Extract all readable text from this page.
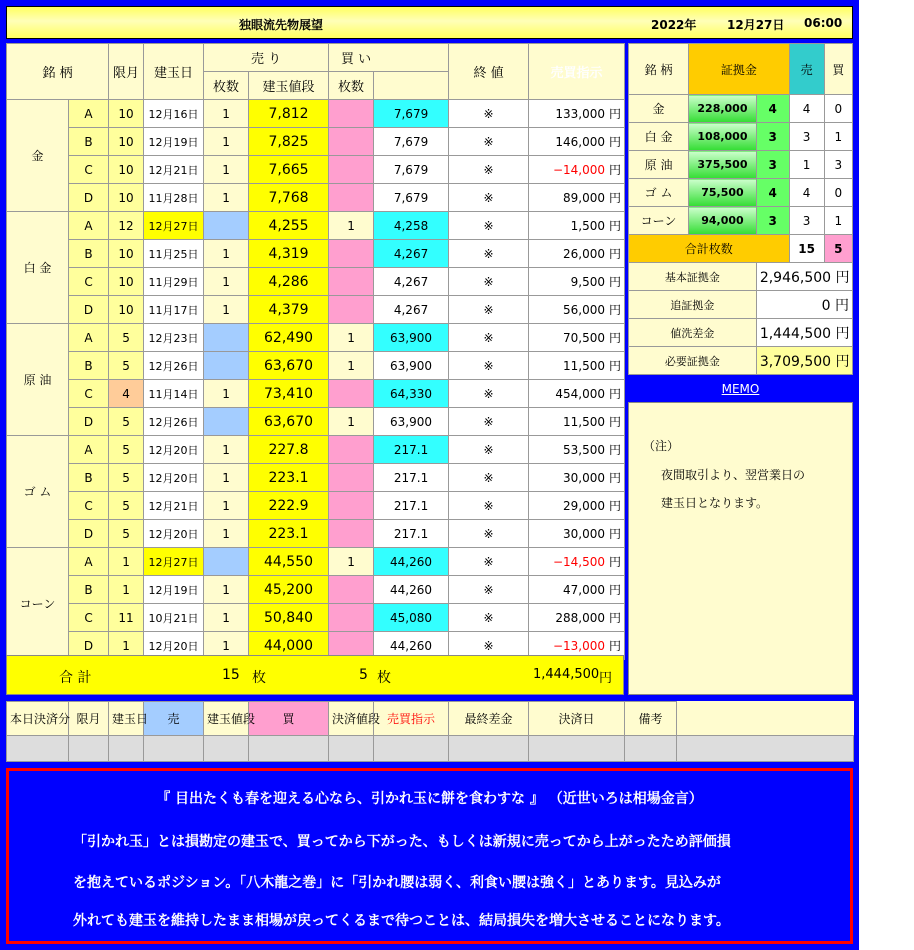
独眼流先物展望	2022年	12月27日 06:00
銘 柄		限月	建玉日	売 り		買 い		終 値	売買指示	
				枚数	建玉値段	枚数				
金	A	10	12月16日	1	7,812		7,679	※	133,000 円	
	B	10	12月19日	1	7,825		7,679	※	146,000 円	
	C	10	12月21日	1	7,665		7,679	※	−14,000 円	
	D	10	11月28日	1	7,768		7,679	※	89,000 円	
白 金	A	12	12月27日		4,255	1	4,258	※	1,500 円	
	B	10	11月25日	1	4,319		4,267	※	26,000 円	
	C	10	11月29日	1	4,286		4,267	※	9,500 円	
	D	10	11月17日	1	4,379		4,267	※	56,000 円	
原 油	A	5	12月23日		62,490	1	63,900	※	70,500 円	
	B	5	12月26日		63,670	1	63,900	※	11,500 円	
	C	4	11月14日	1	73,410		64,330	※	454,000 円	
	D	5	12月26日		63,670	1	63,900	※	11,500 円	
ゴ ム	A	5	12月20日	1	227.8		217.1	※	53,500 円	
	B	5	12月20日	1	223.1		217.1	※	30,000 円	
	C	5	12月21日	1	222.9		217.1	※	29,000 円	
	D	5	12月20日	1	223.1		217.1	※	30,000 円	
コーン	A	1	12月27日		44,550	1	44,260	※	−14,500 円	
	B	1	12月19日	1	45,200		44,260	※	47,000 円	
	C	11	10月21日	1	50,840		45,080	※	288,000 円	
	D	1	12月20日	1	44,000		44,260	※	−13,000 円	
合 計	15 枚	5 枚	1,444,500 円
銘 柄	証拠金		売	買
金	228,000	4	4	0
白 金	108,000	3	3	1
原 油	375,500	3	1	3
ゴ ム	75,500	4	4	0
コーン	94,000	3	3	1
合計枚数			15	5
基本証拠金		2,946,500 円		
追証拠金		0 円		
値洗差金		1,444,500 円		
必要証拠金		3,709,500 円		
MEMO
（注）
夜間取引より、翌営業日の
建玉日となります。
本日決済分	限月	建玉日	売	建玉値段	買	決済値段	売買指示	最終差金	決済日	備考	

『 目出たくも春を迎える心なら、引かれ玉に餅を食わすな 』 （近世いろは相場金言）
「引かれ玉」とは損勘定の建玉で、買ってから下がった、もしくは新規に売ってから上がったため評価損
を抱えているポジション。「八木龍之巻」に「引かれ腰は弱く、利食い腰は強く」とあります。見込みが
外れても建玉を維持したまま相場が戻ってくるまで待つことは、結局損失を増大させることになります。
